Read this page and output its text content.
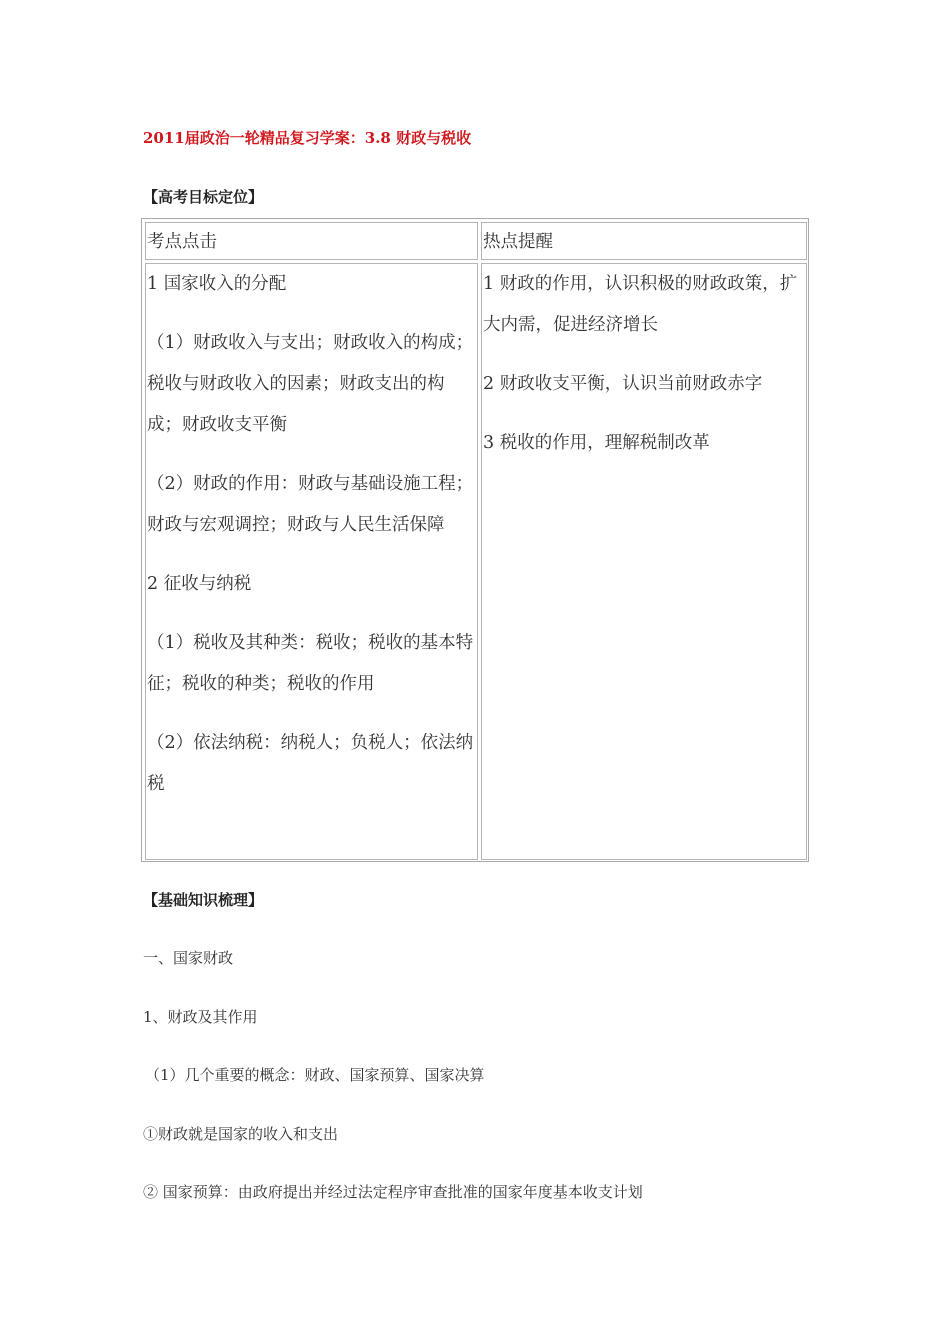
2011届政治一轮精品复习学案：3.8 财政与税收
【高考目标定位】
考点点击	热点提醒

1 国家收入的分配

（1）财政收入与支出；财政收入的构成；税收与财政收入的因素；财政支出的构成；财政收支平衡

（2）财政的作用：财政与基础设施工程；财政与宏观调控；财政与人民生活保障

2 征收与纳税

（1）税收及其种类：税收；税收的基本特征；税收的种类；税收的作用

（2）依法纳税：纳税人；负税人；依法纳税

1 财政的作用，认识积极的财政政策，扩大内需，促进经济增长

2 财政收支平衡，认识当前财政赤字

3 税收的作用，理解税制改革

【基础知识梳理】
一、国家财政
1、财政及其作用
（1）几个重要的概念：财政、国家预算、国家决算
①财政就是国家的收入和支出
② 国家预算：由政府提出并经过法定程序审查批准的国家年度基本收支计划
